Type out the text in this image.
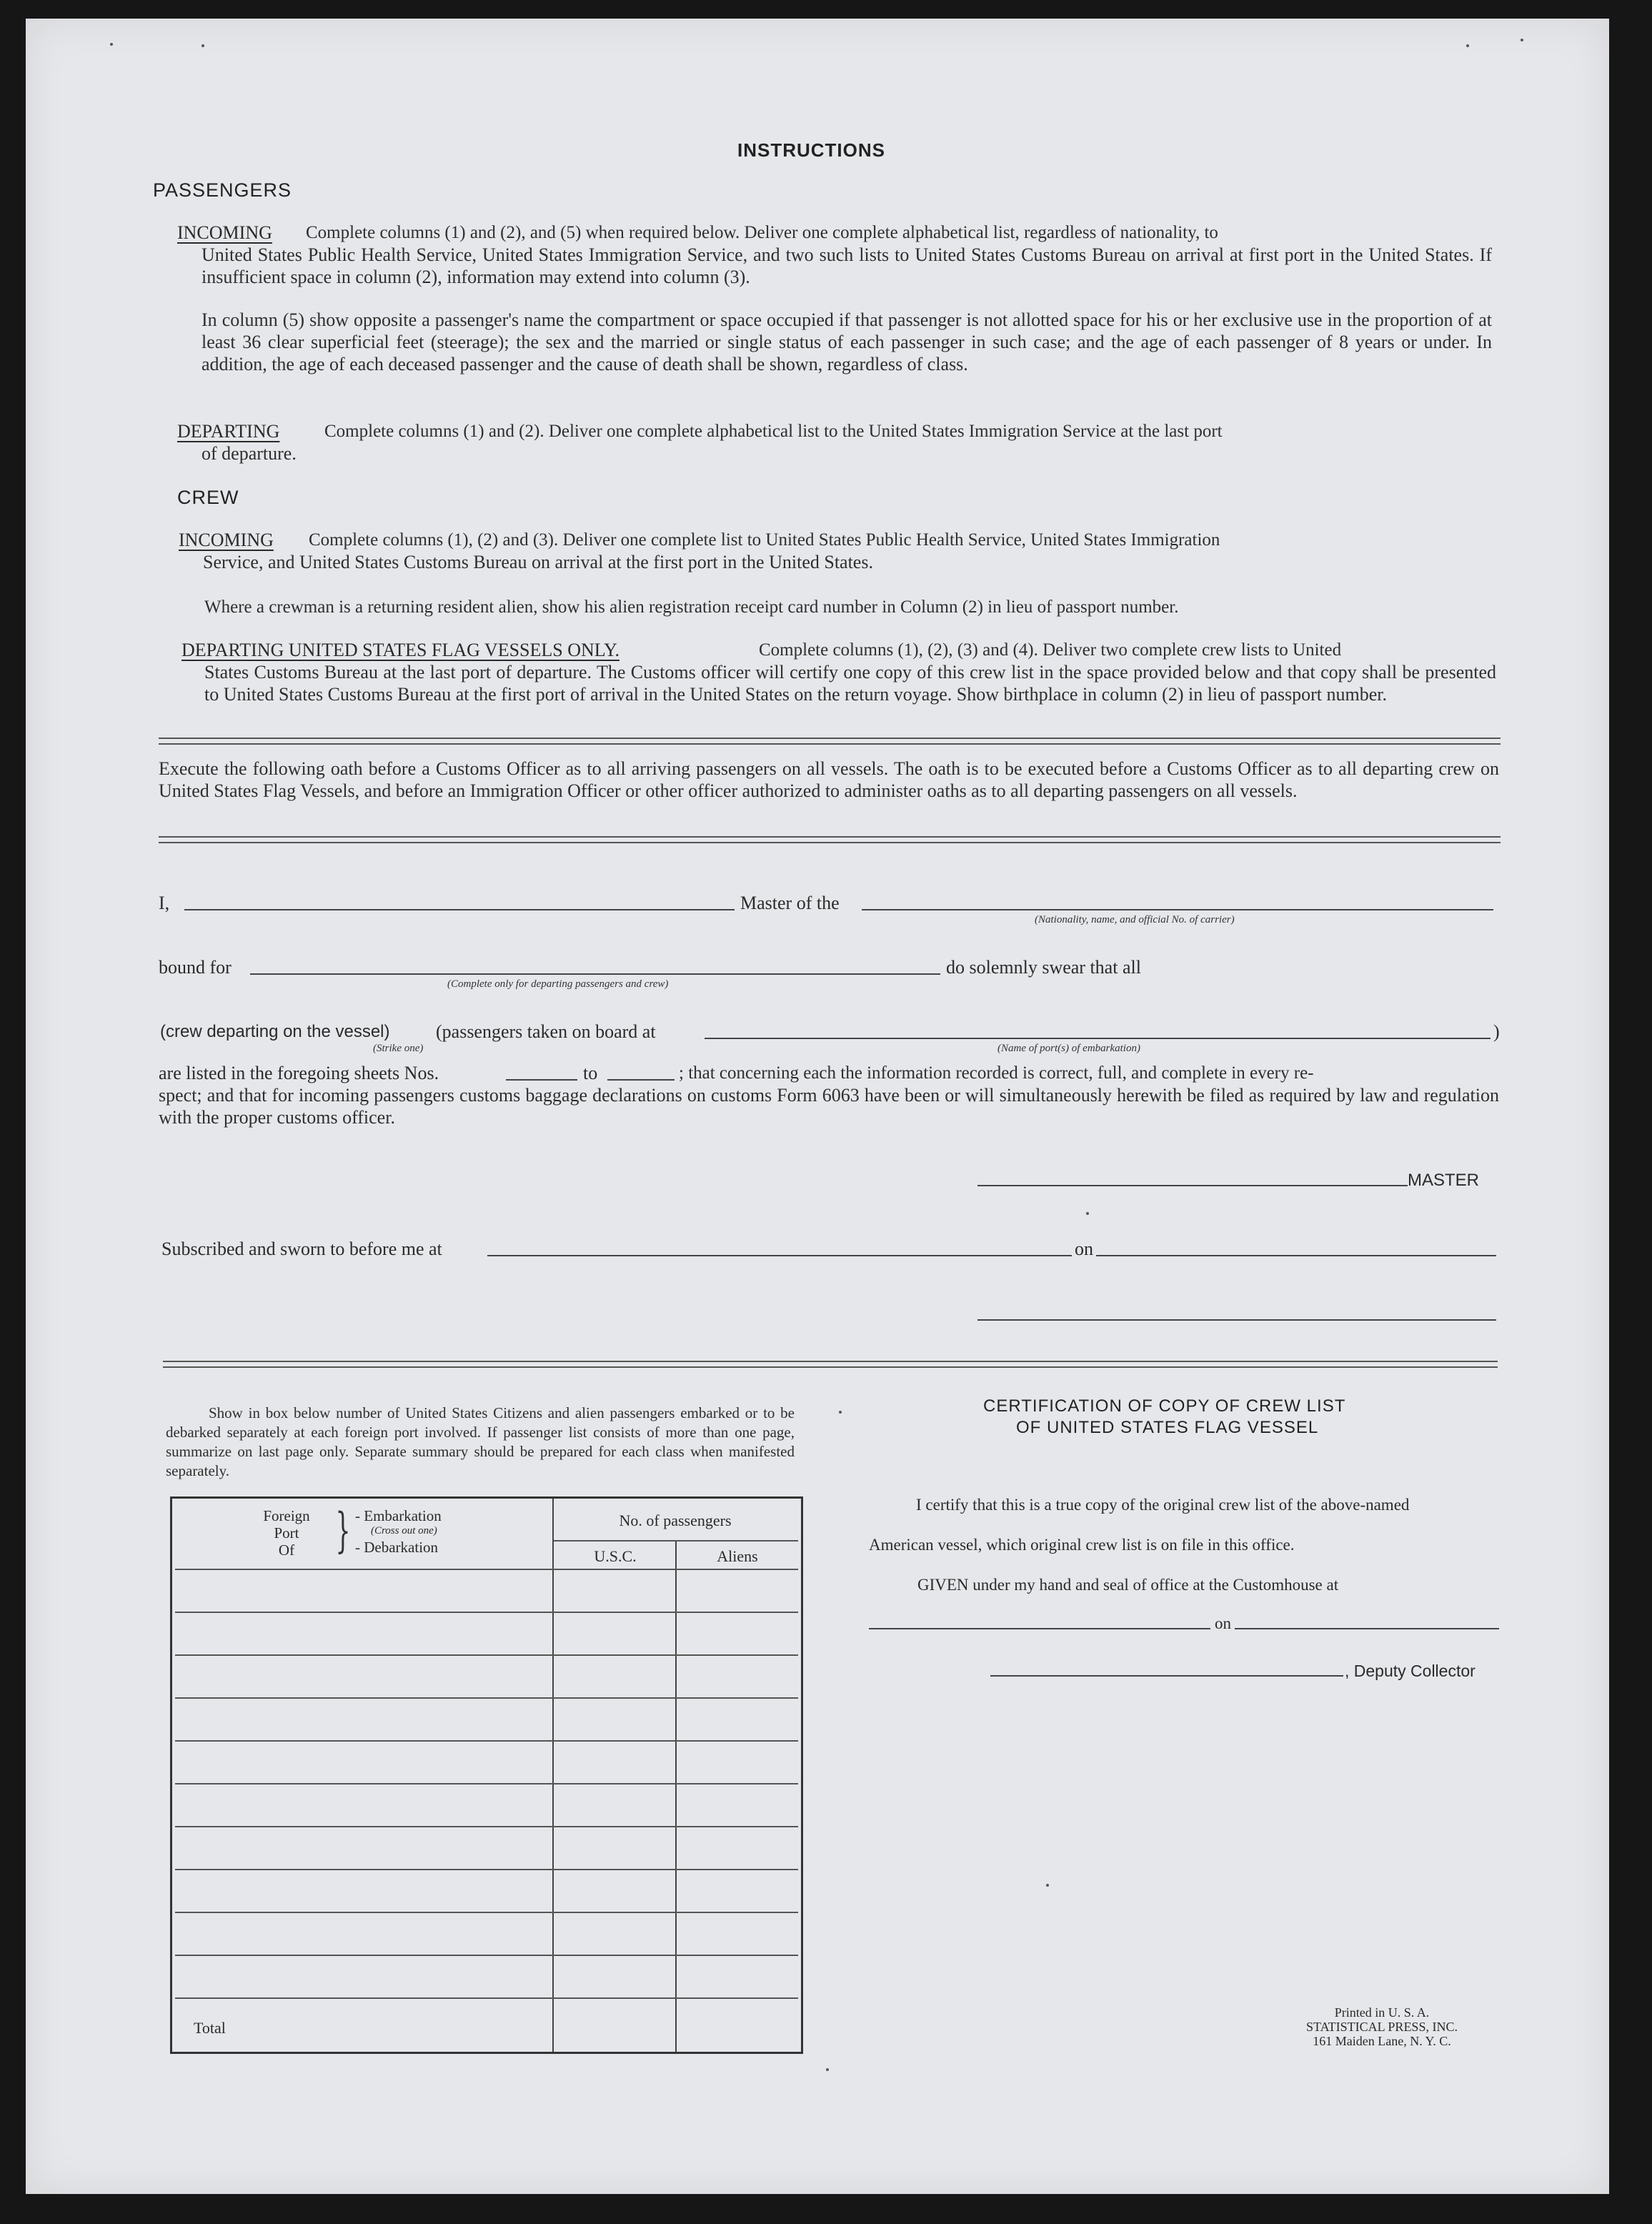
INSTRUCTIONS
PASSENGERS
INCOMING Complete columns (1) and (2), and (5) when required below. Deliver one complete alphabetical list, regardless of nationality, to
United States Public Health Service, United States Immigration Service, and two such lists to United States Customs Bureau on arrival at first port in the United States. If insufficient space in column (2), information may extend into column (3).
In column (5) show opposite a passenger's name the compartment or space occupied if that passenger is not allotted space for his or her exclusive use in the proportion of at least 36 clear superficial feet (steerage); the sex and the married or single status of each passenger in such case; and the age of each passenger of 8 years or under. In addition, the age of each deceased passenger and the cause of death shall be shown, regardless of class.
DEPARTING	Complete columns (1) and (2). Deliver one complete alphabetical list to the United States Immigration Service at the last port
of departure.
CREW
INCOMING Complete columns (1), (2) and (3). Deliver one complete list to United States Public Health Service, United States Immigration
Service, and United States Customs Bureau on arrival at the first port in the United States.
Where a crewman is a returning resident alien, show his alien registration receipt card number in Column (2) in lieu of passport number.
DEPARTING UNITED STATES FLAG VESSELS ONLY.	Complete columns (1), (2), (3) and (4). Deliver two complete crew lists to United
States Customs Bureau at the last port of departure. The Customs officer will certify one copy of this crew list in the space provided below and that copy shall be presented to United States Customs Bureau at the first port of arrival in the United States on the return voyage. Show birthplace in column (2) in lieu of passport number.
Execute the following oath before a Customs Officer as to all arriving passengers on all vessels. The oath is to be executed before a Customs Officer as to all departing crew on United States Flag Vessels, and before an Immigration Officer or other officer authorized to administer oaths as to all departing passengers on all vessels.
I,	Master of the
(Nationality, name, and official No. of carrier)
bound for
(Complete only for departing passengers and crew)
do solemnly swear that all
(crew departing on the vessel) (passengers taken on board at	)
(Strike one)	(Name of port(s) of embarkation)
are listed in the foregoing sheets Nos.	to	; that concerning each the information recorded is correct, full, and complete in every re-
spect; and that for incoming passengers customs baggage declarations on customs Form 6063 have been or will simultaneously herewith be filed as required by law and regulation with the proper customs officer.
MASTER
Subscribed and sworn to before me at	on
Show in box below number of United States Citizens and alien passengers embarked or to be debarked separately at each foreign port involved. If passenger list consists of more than one page, summarize on last page only. Separate summary should be prepared for each class when manifested separately.
Foreign
Port
Of } - Embarkation
(Cross out one)
- Debarkation
No. of passengers
U.S.C.	Aliens
Total
CERTIFICATION OF COPY OF CREW LIST
OF UNITED STATES FLAG VESSEL
I certify that this is a true copy of the original crew list of the above-named
American vessel, which original crew list is on file in this office.
GIVEN under my hand and seal of office at the Customhouse at
on
, Deputy Collector
Printed in U. S. A.
STATISTICAL PRESS, INC.
161 Maiden Lane, N. Y. C.
